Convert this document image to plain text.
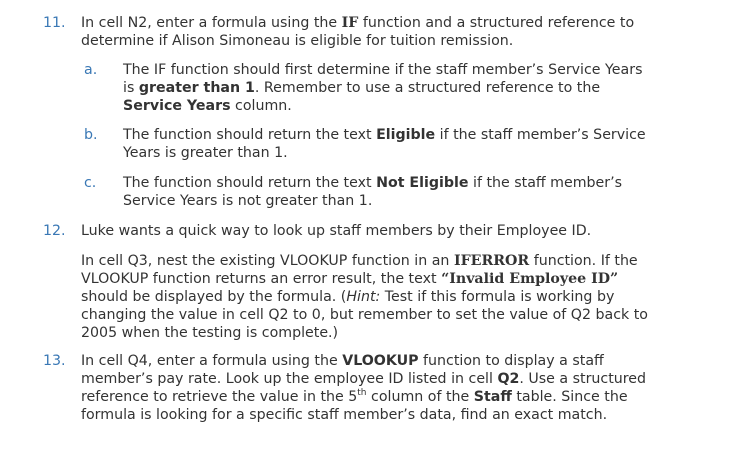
11. In cell N2, enter a formula using the IF function and a structured reference to
determine if Alison Simoneau is eligible for tuition remission.
a. The IF function should first determine if the staff member’s Service Years
is greater than 1. Remember to use a structured reference to the
Service Years column.
b. The function should return the text Eligible if the staff member’s Service
Years is greater than 1.
c. The function should return the text Not Eligible if the staff member’s
Service Years is not greater than 1.
12. Luke wants a quick way to look up staff members by their Employee ID.
In cell Q3, nest the existing VLOOKUP function in an IFERROR function. If the
VLOOKUP function returns an error result, the text “Invalid Employee ID”
should be displayed by the formula. (Hint: Test if this formula is working by
changing the value in cell Q2 to 0, but remember to set the value of Q2 back to
2005 when the testing is complete.)
13. In cell Q4, enter a formula using the VLOOKUP function to display a staff
member’s pay rate. Look up the employee ID listed in cell Q2. Use a structured
reference to retrieve the value in the 5th column of the Staff table. Since the
formula is looking for a specific staff member’s data, find an exact match.
